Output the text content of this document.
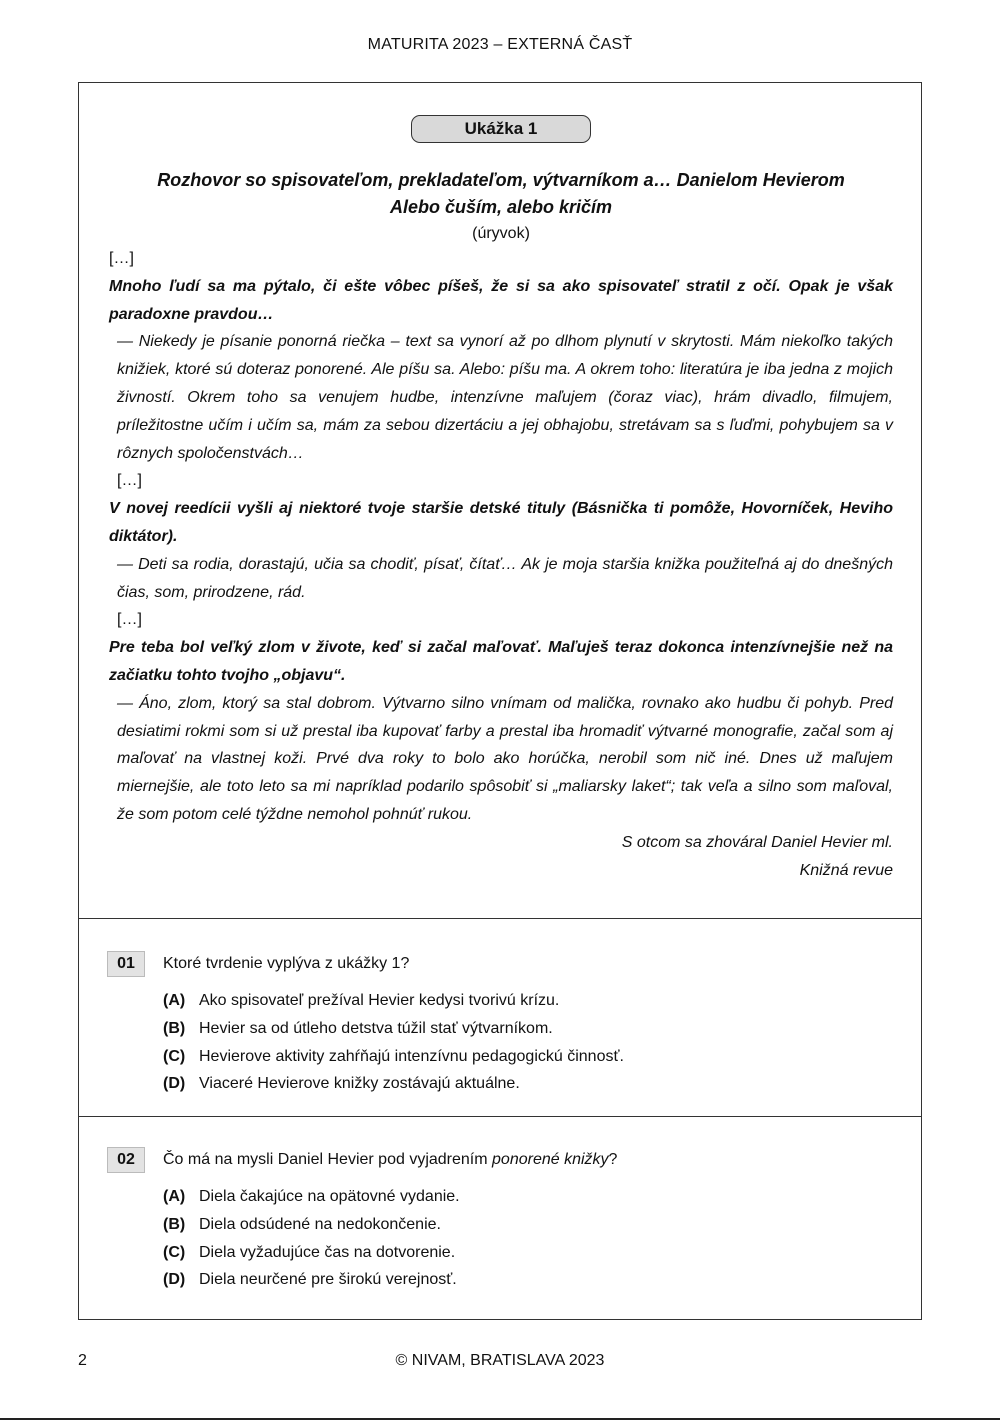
MATURITA 2023 – EXTERNÁ ČASŤ
Ukážka 1
Rozhovor so spisovateľom, prekladateľom, výtvarníkom a… Danielom Hevierom
Alebo čuším, alebo kričím
(úryvok)

[…]

Mnoho ľudí sa ma pýtalo, či ešte vôbec píšeš, že si sa ako spisovateľ stratil z očí. Opak je však paradoxne pravdou…

— Niekedy je písanie ponorná riečka – text sa vynorí až po dlhom plynutí v skrytosti. Mám niekoľko takých knižiek, ktoré sú doteraz ponorené. Ale píšu sa. Alebo: píšu ma. A okrem toho: literatúra je iba jedna z mojich živností. Okrem toho sa venujem hudbe, intenzívne maľujem (čoraz viac), hrám divadlo, filmujem, príležitostne učím i učím sa, mám za sebou dizertáciu a jej obhajobu, stretávam sa s ľuďmi, pohybujem sa v rôznych spoločenstvách…

[…]

V novej reedícii vyšli aj niektoré tvoje staršie detské tituly (Básnička ti pomôže, Hovorníček, Heviho diktátor).

— Deti sa rodia, dorastajú, učia sa chodiť, písať, čítať… Ak je moja staršia knižka použiteľná aj do dnešných čias, som, prirodzene, rád.

[…]

Pre teba bol veľký zlom v živote, keď si začal maľovať. Maľuješ teraz dokonca intenzívnejšie než na začiatku tohto tvojho „objavu“.

— Áno, zlom, ktorý sa stal dobrom. Výtvarno silno vnímam od malička, rovnako ako hudbu či pohyb. Pred desiatimi rokmi som si už prestal iba kupovať farby a prestal iba hromadiť výtvarné monografie, začal som aj maľovať na vlastnej koži. Prvé dva roky to bolo ako horúčka, nerobil som nič iné. Dnes už maľujem miernejšie, ale toto leto sa mi napríklad podarilo spôsobiť si „maliarsky laket“; tak veľa a silno som maľoval, že som potom celé týždne nemohol pohnúť rukou.

S otcom sa zhováral Daniel Hevier ml.

Knižná revue

01	Ktoré tvrdenie vyplýva z ukážky 1?
(A) Ako spisovateľ prežíval Hevier kedysi tvorivú krízu.
(B) Hevier sa od útleho detstva túžil stať výtvarníkom.
(C) Hevierove aktivity zahŕňajú intenzívnu pedagogickú činnosť.
(D) Viaceré Hevierove knižky zostávajú aktuálne.
02	Čo má na mysli Daniel Hevier pod vyjadrením ponorené knižky?
(A) Diela čakajúce na opätovné vydanie.
(B) Diela odsúdené na nedokončenie.
(C) Diela vyžadujúce čas na dotvorenie.
(D) Diela neurčené pre širokú verejnosť.
2	© NIVAM, BRATISLAVA 2023
